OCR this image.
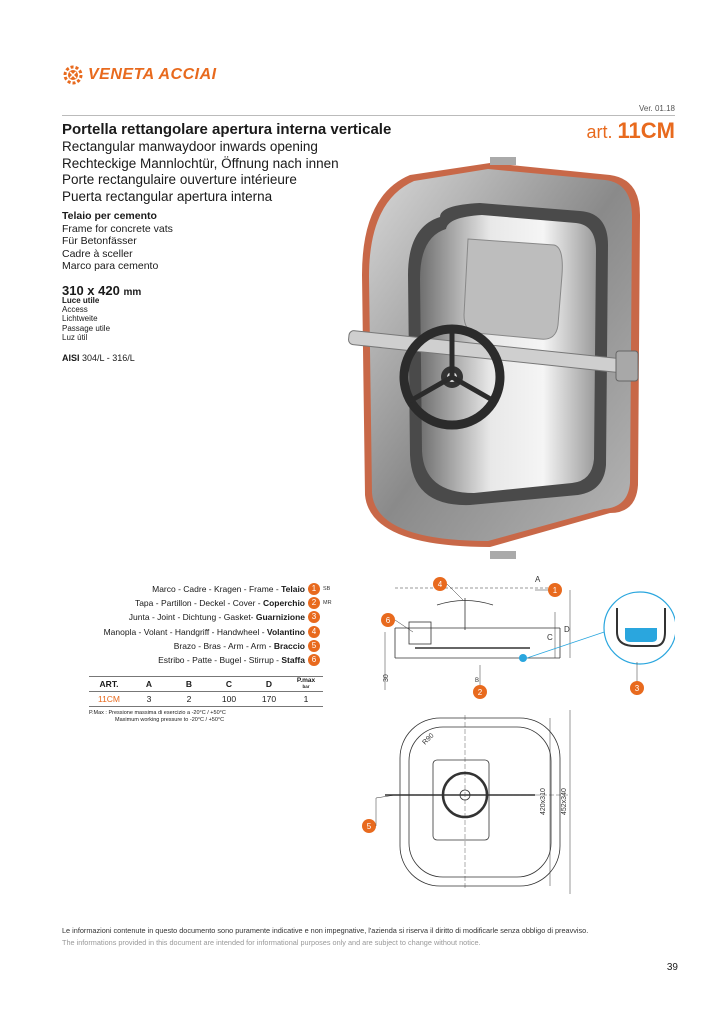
VENETA ACCIAI
Ver. 01.18
art. 11CM
Portella rettangolare apertura interna verticale
Rectangular manwaydoor inwards opening
Rechteckige Mannlochtür, Öffnung nach innen
Porte rectangulaire ouverture intérieure
Puerta rectangular apertura interna
Telaio per cemento
Frame for concrete vats
Für Betonfässer
Cadre à sceller
Marco para cemento
310 x 420 mm
Luce utile
Access
Lichtweite
Passage utile
Luz útil
AISI 304/L - 316/L
Marco - Cadre - Kragen - Frame - Telaio 1	SB
Tapa - Partillon - Deckel - Cover - Coperchio 2	MR
Junta - Joint - Dichtung - Gasket- Guarnizione 3
Manopla - Volant - Handgriff - Handwheel - Volantino 4
Brazo - Bras - Arm - Arm - Braccio 5
Estribo - Patte - Bugel - Stirrup - Staffa 6
ART.	A	B	C	D	P.max
bar

11CM	3	2	100	170	1
P.Max : Pressione massima di esercizio a -20°C / +50°C
Maximum working pressure to -20°C / +50°C
A
B
C
D
30
R90
420x310 452x340
4
1
6
2	3
5
Le informazioni contenute in questo documento sono puramente indicative e non impegnative, l'azienda si riserva il diritto di modificarle senza obbligo di preavviso.
The informations provided in this document are intended for informational purposes only and are subject to change without notice.
39
